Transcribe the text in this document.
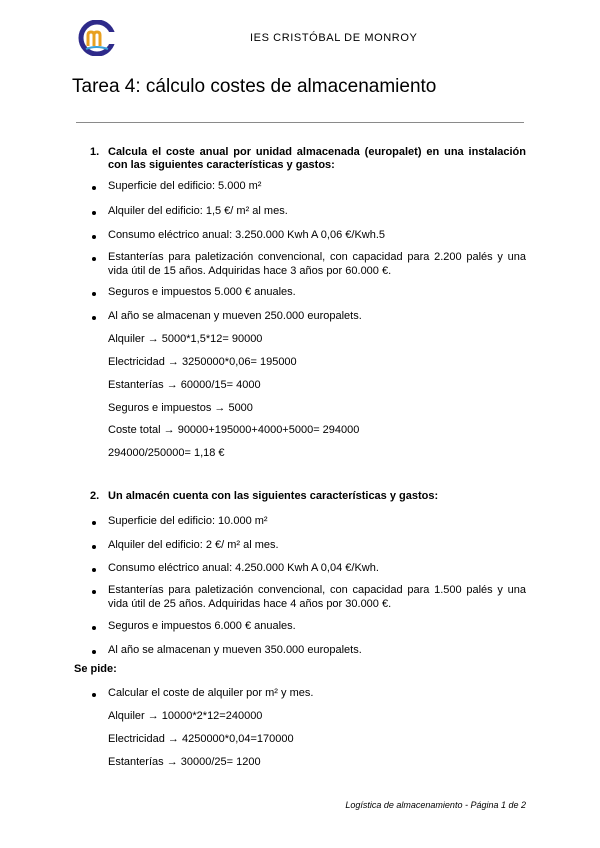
IES CRISTÓBAL DE MONROY
Tarea 4: cálculo costes de almacenamiento
1. Calcula el coste anual por unidad almacenada (europalet) en una instalación con las siguientes características y gastos:
Superficie del edificio: 5.000 m²
Alquiler del edificio: 1,5 €/ m² al mes.
Consumo eléctrico anual: 3.250.000 Kwh A 0,06 €/Kwh.5
Estanterías para paletización convencional, con capacidad para 2.200 palés y una vida útil de 15 años. Adquiridas hace 3 años por 60.000 €.
Seguros e impuestos 5.000 € anuales.
Al año se almacenan y mueven 250.000 europalets.
Alquiler → 5000*1,5*12= 90000
Electricidad → 3250000*0,06= 195000
Estanterías → 60000/15= 4000
Seguros e impuestos → 5000
Coste total → 90000+195000+4000+5000= 294000
294000/250000= 1,18 €
2. Un almacén cuenta con las siguientes características y gastos:
Superficie del edificio: 10.000 m²
Alquiler del edificio: 2 €/ m² al mes.
Consumo eléctrico anual: 4.250.000 Kwh A 0,04 €/Kwh.
Estanterías para paletización convencional, con capacidad para 1.500 palés y una vida útil de 25 años. Adquiridas hace 4 años por 30.000 €.
Seguros e impuestos 6.000 € anuales.
Al año se almacenan y mueven 350.000 europalets.
Se pide:
Calcular el coste de alquiler por m² y mes.
Alquiler → 10000*2*12=240000
Electricidad → 4250000*0,04=170000
Estanterías → 30000/25= 1200
Logística de almacenamiento - Página 1 de 2
